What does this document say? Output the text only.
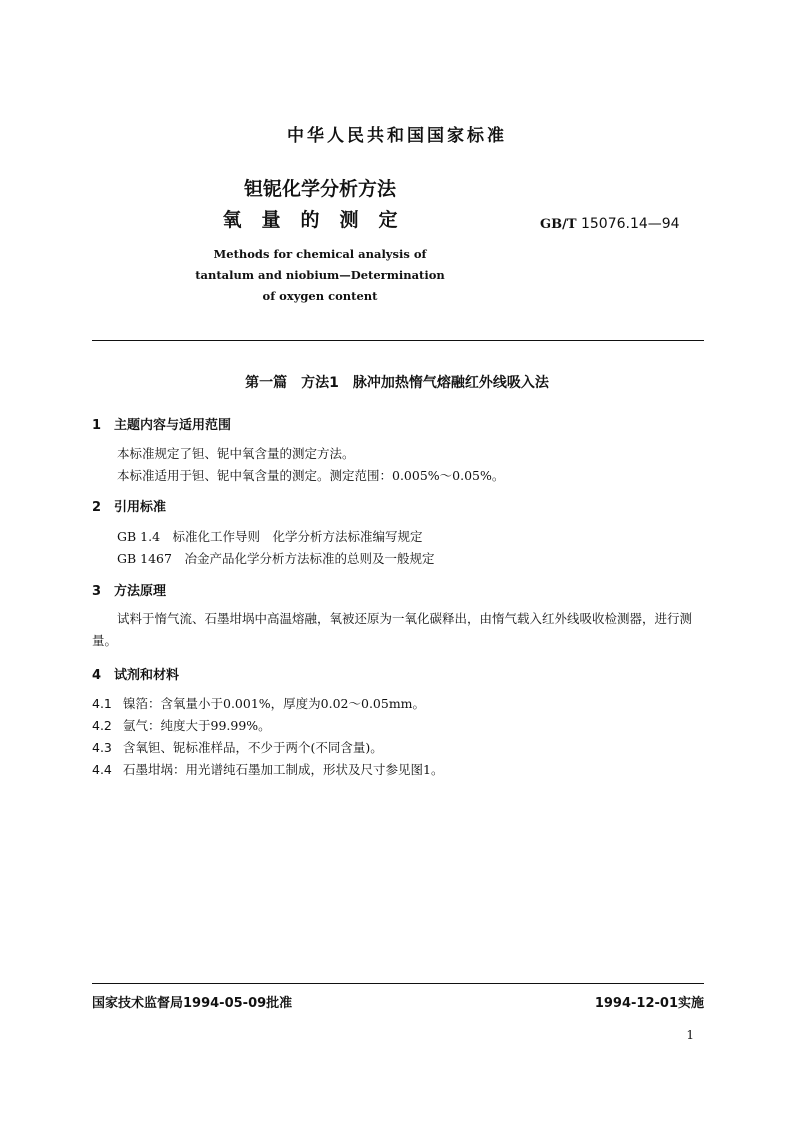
中华人民共和国国家标准
钽铌化学分析方法
氧量的测定	GB/T 15076.14—94
Methods for chemical analysis of
tantalum and niobium—Determination
of oxygen content
第一篇　方法1　脉冲加热惰气熔融红外线吸入法
1 主题内容与适用范围
本标准规定了钽、铌中氧含量的测定方法。
本标准适用于钽、铌中氧含量的测定。测定范围：0.005%～0.05%。
2 引用标准
GB 1.4　标准化工作导则　化学分析方法标准编写规定
GB 1467　冶金产品化学分析方法标准的总则及一般规定
3 方法原理
试料于惰气流、石墨坩埚中高温熔融，氧被还原为一氧化碳释出，由惰气载入红外线吸收检测器，进行测量。
4 试剂和材料
4.1 镍箔：含氧量小于0.001%，厚度为0.02～0.05mm。
4.2 氩气：纯度大于99.99%。
4.3 含氧钽、铌标准样品，不少于两个(不同含量)。
4.4 石墨坩埚：用光谱纯石墨加工制成，形状及尺寸参见图1。
国家技术监督局1994-05-09批准	1994-12-01实施
1
